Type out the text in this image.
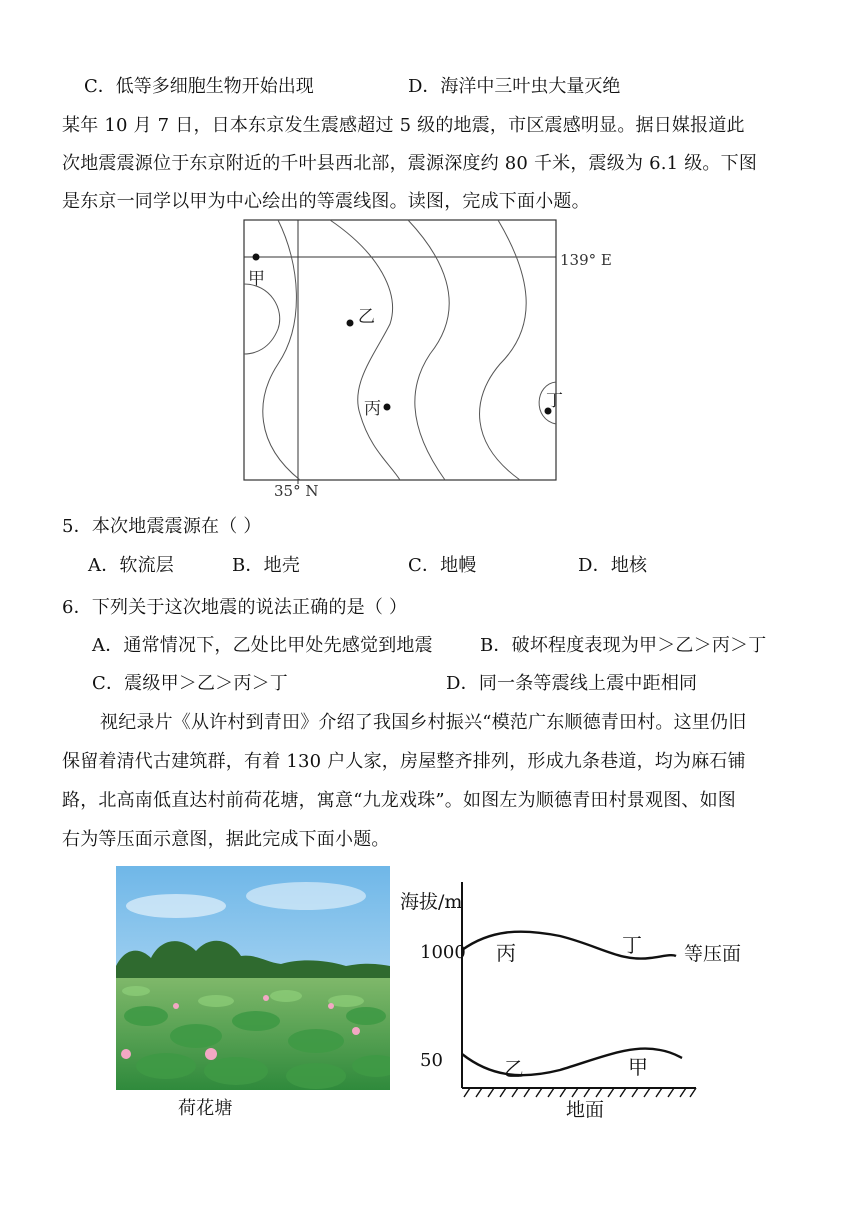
C．低等多细胞生物开始出现	D．海洋中三叶虫大量灭绝
某年 10 月 7 日，日本东京发生震感超过 5 级的地震，市区震感明显。据日媒报道此
次地震震源位于东京附近的千叶县西北部，震源深度约 80 千米，震级为 6.1 级。下图
是东京一同学以甲为中心绘出的等震线图。读图，完成下面小题。
甲
乙
丙	丁
139° E
35° N
5．本次地震震源在（ ）
A．软流层	B．地壳	C．地幔	D．地核
6．下列关于这次地震的说法正确的是（ ）
A．通常情况下，乙处比甲处先感觉到地震	B．破坏程度表现为甲＞乙＞丙＞丁
C．震级甲＞乙＞丙＞丁	D．同一条等震线上震中距相同
视纪录片《从许村到青田》介绍了我国乡村振兴“模范广东顺德青田村。这里仍旧
保留着清代古建筑群，有着 130 户人家，房屋整齐排列，形成九条巷道，均为麻石铺
路，北高南低直达村前荷花塘，寓意“九龙戏珠”。如图左为顺德青田村景观图、如图
右为等压面示意图，据此完成下面小题。
荷花塘
海拔/m
1000
50
丙	丁
乙	甲
等压面
地面
